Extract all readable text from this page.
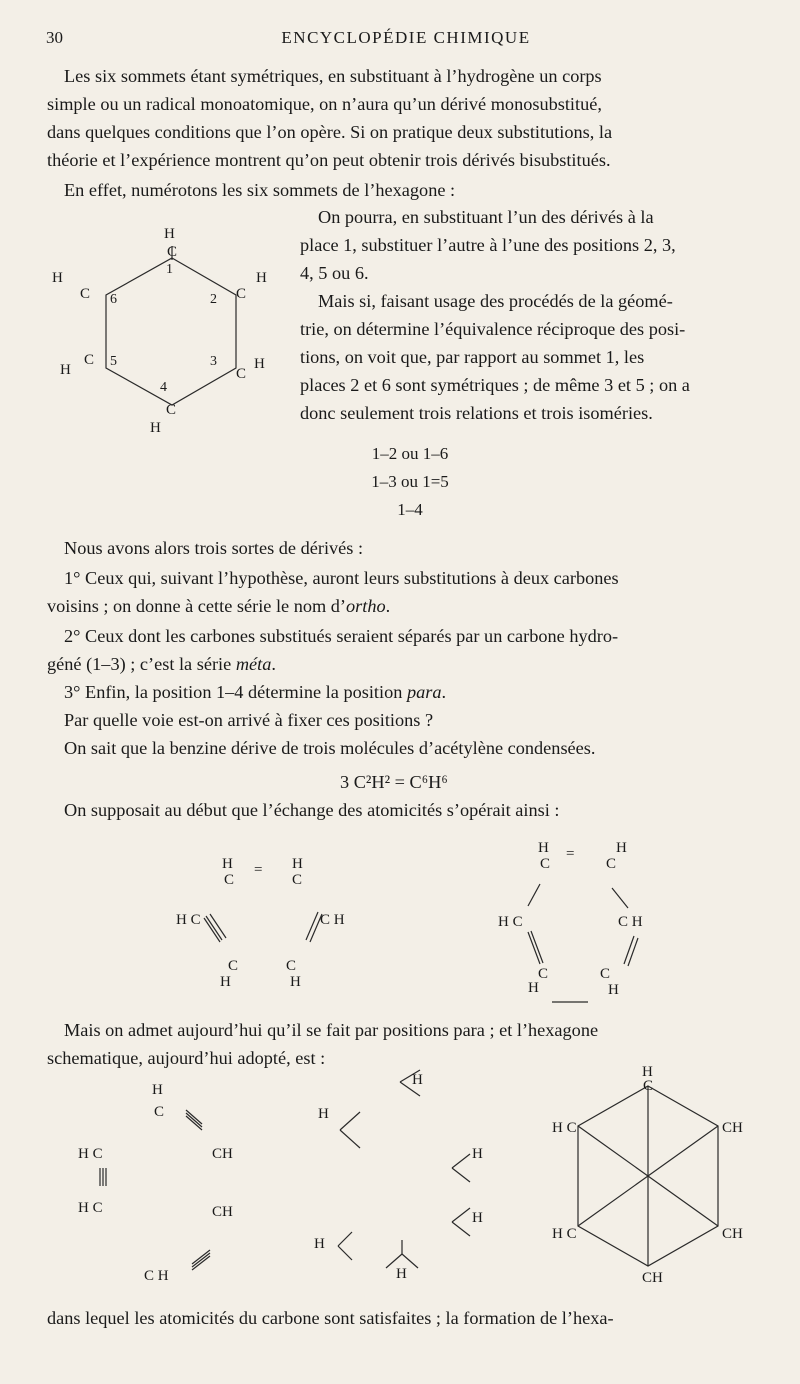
30	ENCYCLOPÉDIE CHIMIQUE
Les six sommets étant symétriques, en substituant à l’hydrogène un corps
simple ou un radical monoatomique, on n’aura qu’un dérivé monosubstitué,
dans quelques conditions que l’on opère. Si on pratique deux substitutions, la
théorie et l’expérience montrent qu’on peut obtenir trois dérivés bisubstitués.
En effet, numérotons les six sommets de l’hexagone :
On pourra, en substituant l’un des dérivés à la
place 1, substituer l’autre à l’une des positions 2, 3,
4, 5 ou 6.
Mais si, faisant usage des procédés de la géomé-
trie, on détermine l’équivalence réciproque des posi-
tions, on voit que, par rapport au sommet 1, les
places 2 et 6 sont symétriques ; de même 3 et 5 ; on a
donc seulement trois relations et trois isoméries.
H
C
H
C
H
C
H
C
C
H
C
H
1
2
3
4
5
6
1–2 ou 1–6
1–3 ou 1=5
1–4
Nous avons alors trois sortes de dérivés :
1° Ceux qui, suivant l’hypothèse, auront leurs substitutions à deux carbones
voisins ; on donne à cette série le nom d’ortho.
2° Ceux dont les carbones substitués seraient séparés par un carbone hydro-
géné (1–3) ; c’est la série méta.
3° Enfin, la position 1–4 détermine la position para.
Par quelle voie est-on arrivé à fixer ces positions ?
On sait que la benzine dérive de trois molécules d’acétylène condensées.
3 C²H² = C⁶H⁶
On supposait au début que l’échange des atomicités s’opérait ainsi :
H
C
= H
C
H C	C H
C
H
C
H
H
C
=	H
C
H C	C H
C
H
C
H
Mais on admet aujourd’hui qu’il se fait par positions para ; et l’hexagone
schematique, aujourd’hui adopté, est :
H
C
H C	CH
H C	CH
C H
H
H
H
H
H
H
H
C
H C	CH
H C	CH
CH
dans lequel les atomicités du carbone sont satisfaites ; la formation de l’hexa-
